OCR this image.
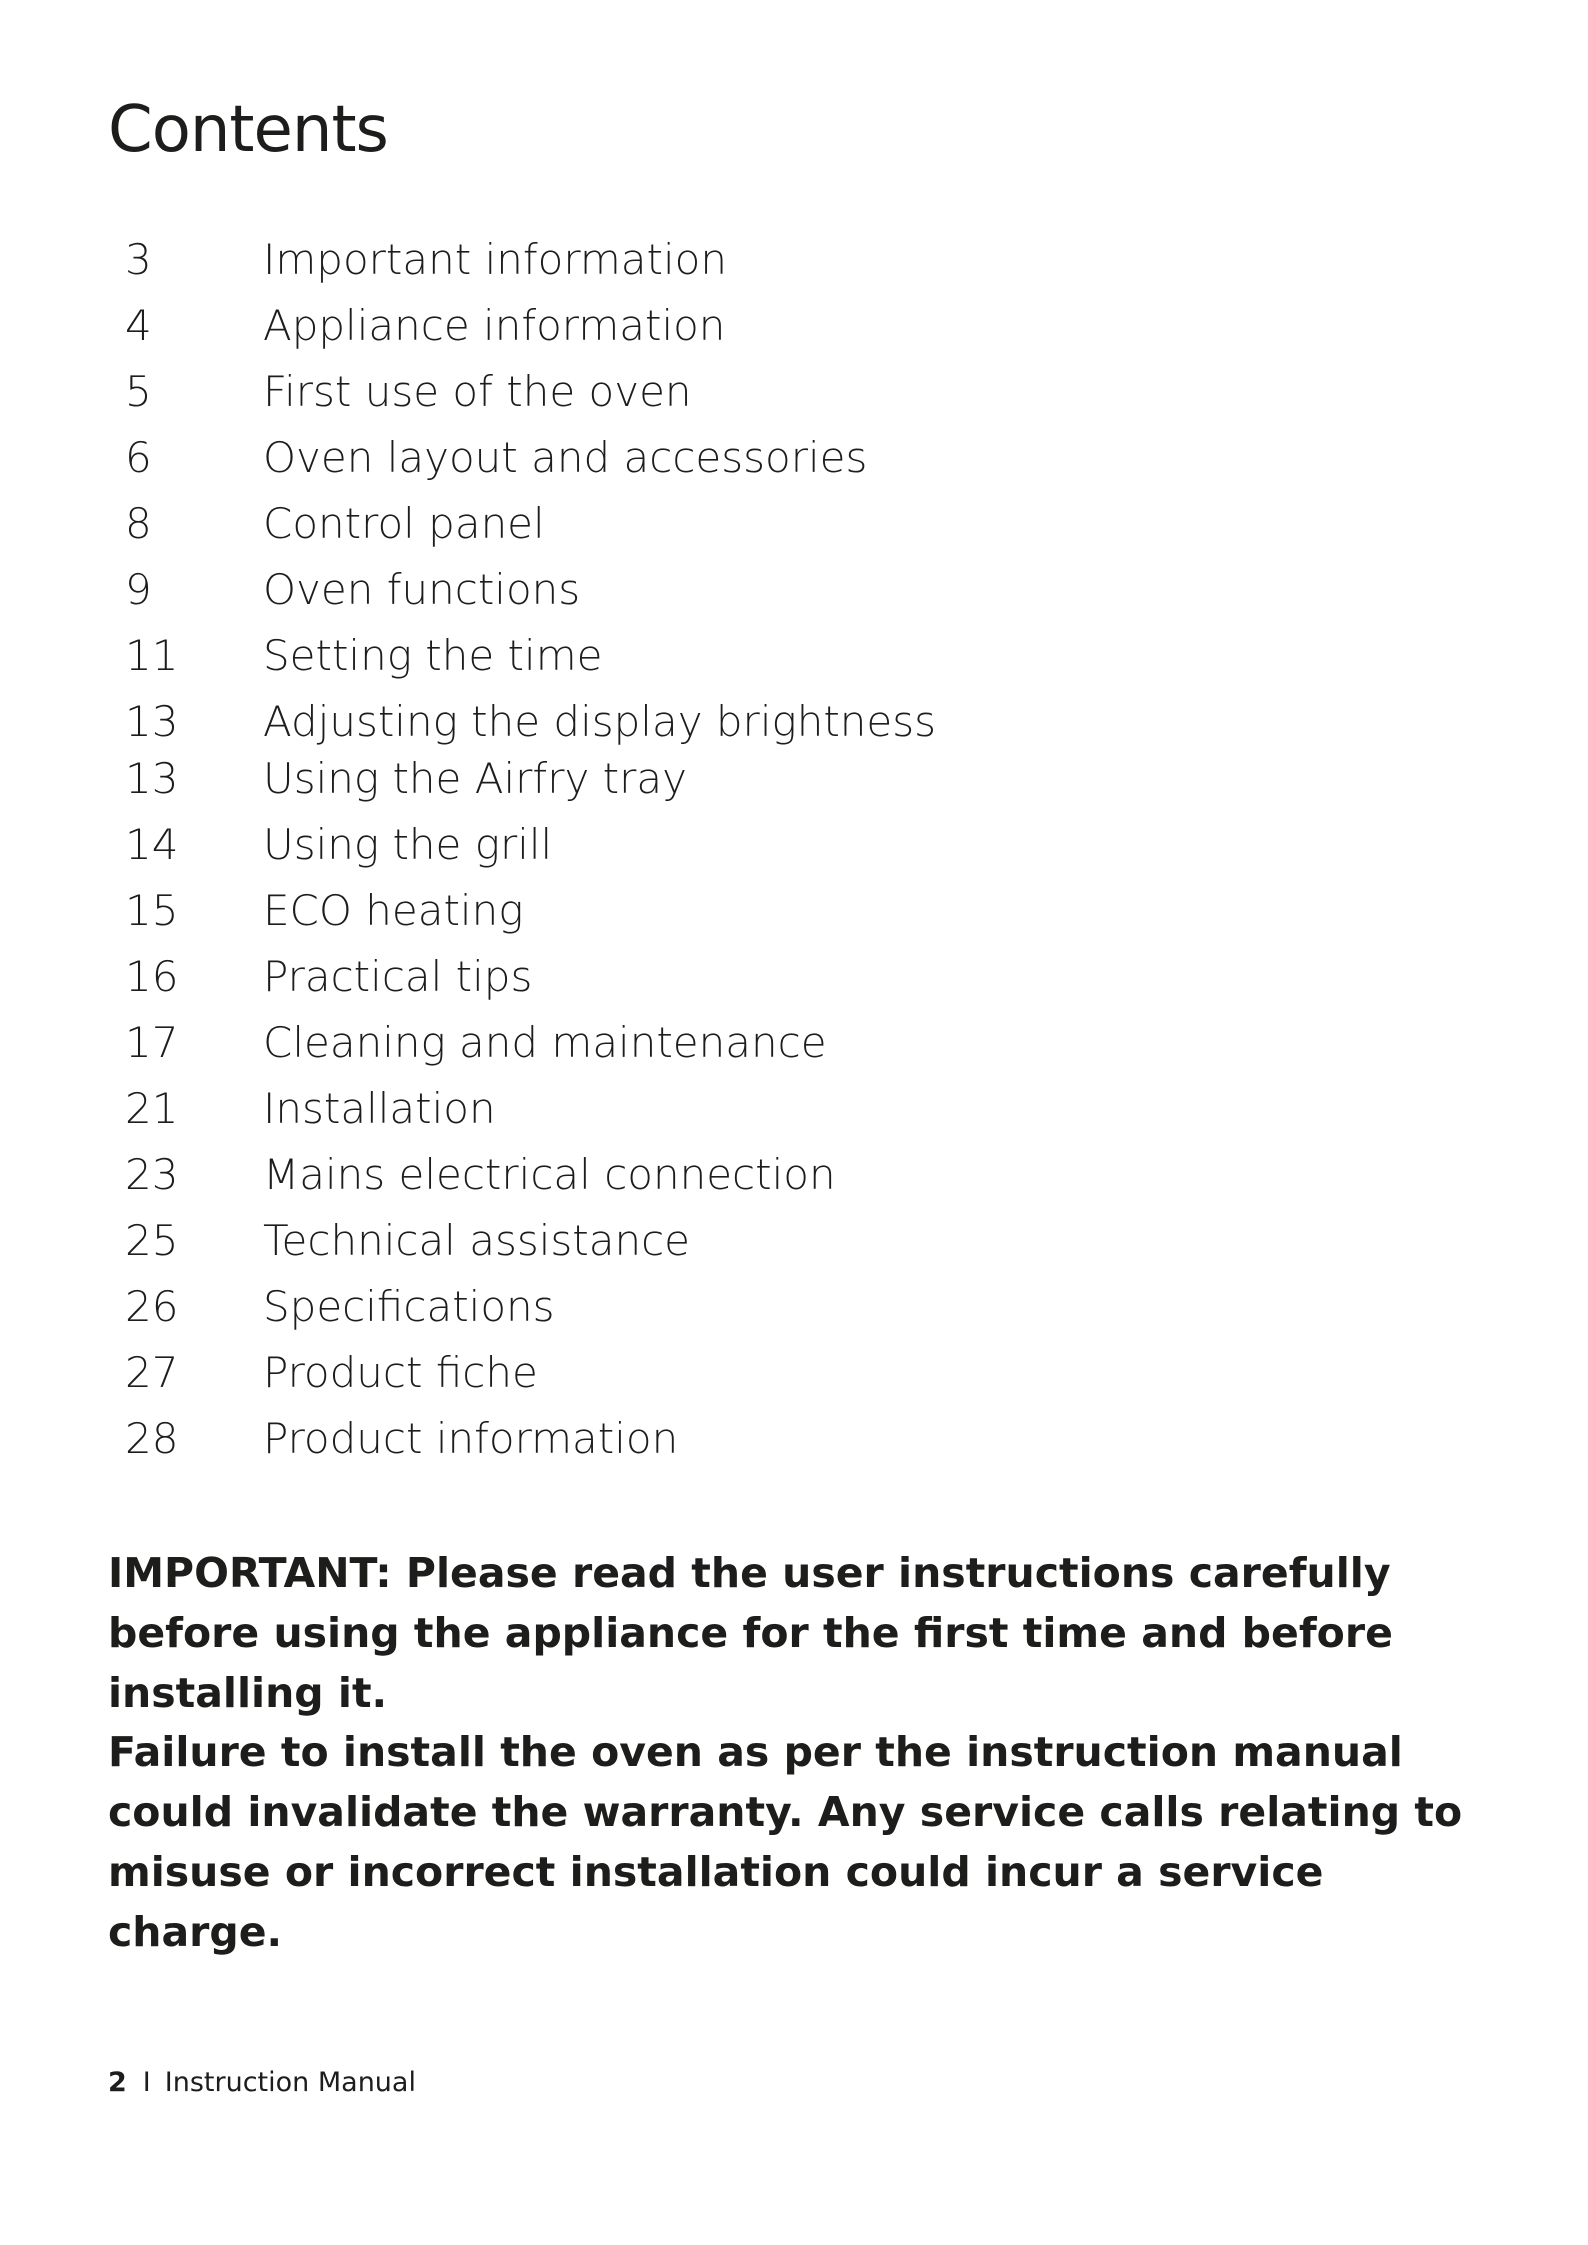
Contents
3	Important information
4	Appliance information
5	First use of the oven
6	Oven layout and accessories
8	Control panel
9	Oven functions
11 Setting the time
13 Adjusting the display brightness
13 Using the Airfry tray
14 Using the grill
15 ECO heating
16 Practical tips
17 Cleaning and maintenance
21 Installation
23 Mains electrical connection
25 Technical assistance
26 Specifications
27 Product fiche
28 Product information

IMPORTANT: Please read the user instructions carefully before using the appliance for the first time and before installing it.

Failure to install the oven as per the instruction manual could invalidate the warranty. Any service calls relating to misuse or incorrect installation could incur a service charge.

2 I Instruction Manual
